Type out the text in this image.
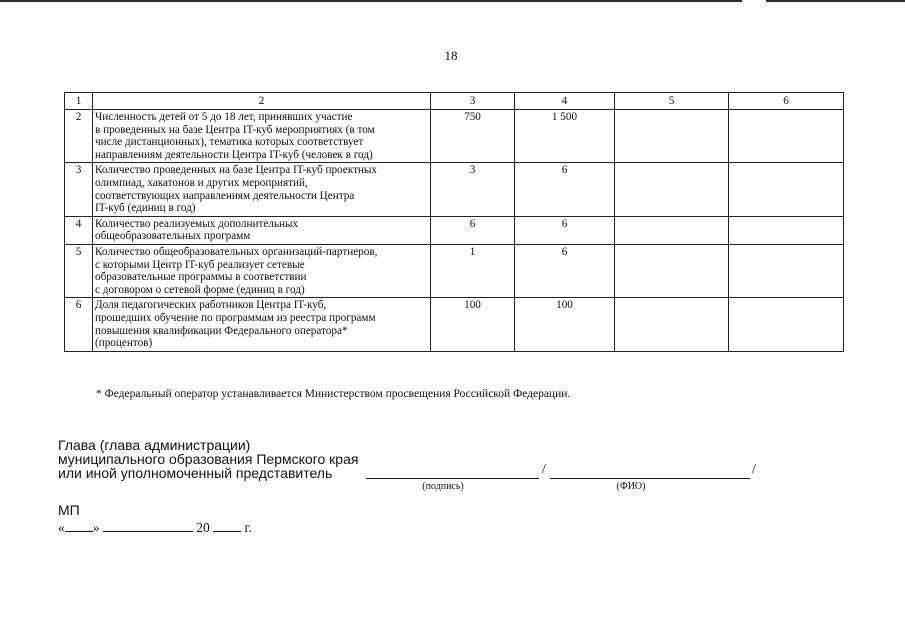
18
1	2	3	4	5	6
2	Численность детей от 5 до 18 лет, принявших участие
в проведенных на базе Центра IT-куб мероприятиях (в том
числе дистанционных), тематика которых соответствует
направлениям деятельности Центра IT-куб (человек в год)	750	1 500		
3	Количество проведенных на базе Центра IT-куб проектных
олимпиад, хакатонов и других мероприятий,
соответствующих направлениям деятельности Центра
IT-куб (единиц в год)	3	6		
4	Количество реализуемых дополнительных
общеобразовательных программ	6	6		
5	Количество общеобразовательных организаций-партнеров,
с которыми Центр IT-куб реализует сетевые
образовательные программы в соответствии
с договором о сетевой форме (единиц в год)	1	6		
6	Доля педагогических работников Центра IT-куб,
прошедших обучение по программам из реестра программ
повышения квалификации Федерального оператора*
(процентов)	100	100		
* Федеральный оператор устанавливается Министерством просвещения Российской Федерации.
Глава (глава администрации)
муниципального образования Пермского края
или иной уполномоченный представитель	/	/
(подпись)	(ФИО)
МП
« »	20	г.
